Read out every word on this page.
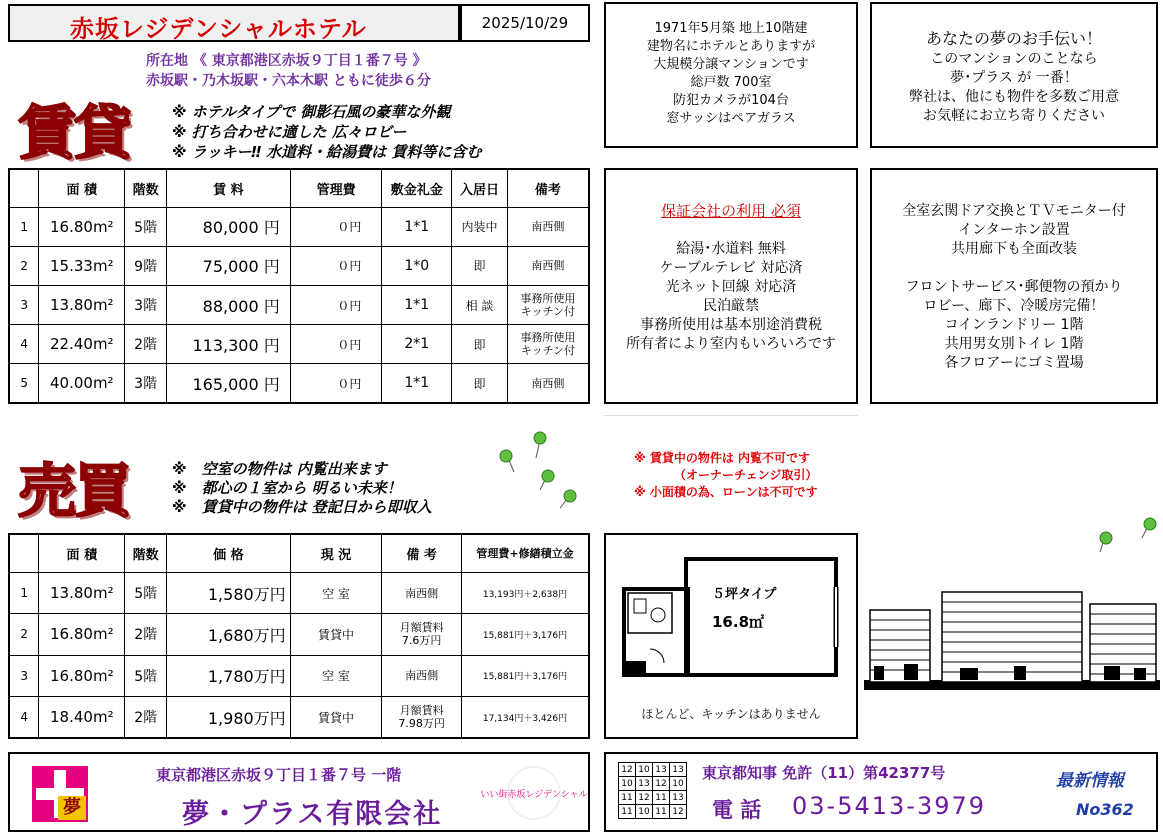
赤坂レジデンシャルホテル	2025/10/29
所在地 《 東京都港区赤坂９丁目１番７号 》
赤坂駅・乃木坂駅・六本木駅 ともに徒歩６分
賃貸	※ ホテルタイプで 御影石風の豪華な外観
※ 打ち合わせに適した 広々ロビー
※ ラッキー‼ 水道料・給湯費は 賃料等に含む
	面 積	階数	賃 料	管理費	敷金礼金	入居日	備考
1	16.80m²	5階	80,000 円	０円	1*1	内装中	南西側

2	15.33m²	9階	75,000 円	０円	1*0	即	南西側

3	13.80m²	3階	88,000 円	０円	1*1	相 談	事務所使用
キッチン付

4	22.40m²	2階	113,300 円	０円	2*1	即	事務所使用
キッチン付

5	40.00m²	3階	165,000 円	０円	1*1	即	南西側
1971年5月築 地上10階建
建物名にホテルとありますが
大規模分譲マンションです
総戸数 700室
防犯カメラが104台
窓サッシはペアガラス
あなたの夢のお手伝い！
このマンションのことなら
夢･プラス が 一番！
弊社は、他にも物件を多数ご用意
お気軽にお立ち寄りください
保証会社の利用 必須
給湯･水道料 無料
ケーブルテレビ 対応済
光ネット回線 対応済
民泊厳禁
事務所使用は基本別途消費税
所有者により室内もいろいろです
全室玄関ドア交換とＴＶモニター付
インターホン設置
共用廊下も全面改装
フロントサービス･郵便物の預かり
ロビー、廊下、冷暖房完備！
コインランドリー 1階
共用男女別トイレ 1階
各フロアーにゴミ置場
売買	※　空室の物件は 内覧出来ます
※　都心の１室から 明るい未来！
※　賃貸中の物件は 登記日から即収入
※ 賃貸中の物件は 内覧不可です
（オーナーチェンジ取引）
※ 小面積の為、ローンは不可です
	面 積	階数	価 格	現 況	備 考	管理費+修繕積立金
1	13.80m²	5階	1,580万円	空 室	南西側	13,193円＋2,638円
2	16.80m²	2階	1,680万円	賃貸中	月額賃料
7.6万円	15,881円＋3,176円
3	16.80m²	5階	1,780万円	空 室	南西側	15,881円＋3,176円
4	18.40m²	2階	1,980万円	賃貸中	月額賃料
7.98万円	17,134円＋3,426円
５坪タイプ
16.8㎡
ほとんど、キッチンはありません
夢
東京都港区赤坂９丁目１番７号 一階
夢・プラス有限会社
いい街赤坂レジデンシャル
12	10	13	13
10	13	12	10
11	12	11	13
11	10	11	12
東京都知事 免許（11）第42377号
電 話 03-5413-3979
最新情報
No362
